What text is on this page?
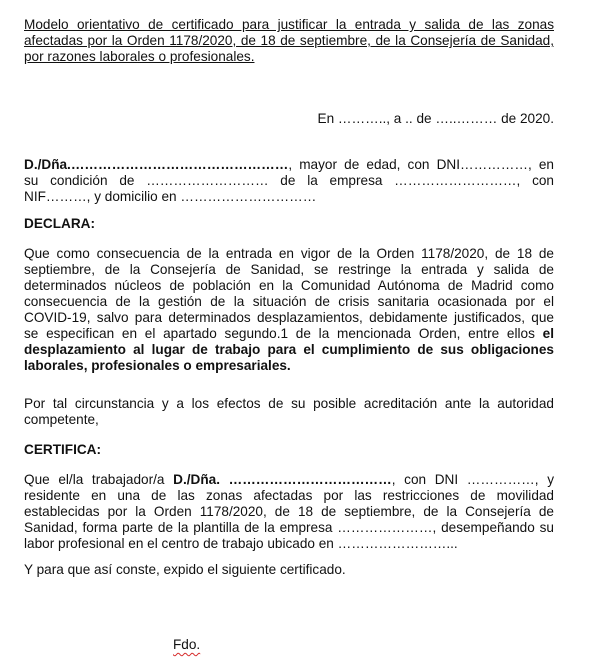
Modelo orientativo de certificado para justificar la entrada y salida de las zonas
afectadas por la Orden 1178/2020, de 18 de septiembre, de la Consejería de Sanidad,
por razones laborales o profesionales.
En ……….., a .. de …..……… de 2020.
D./Dña.…………………………………………, mayor de edad, con DNI……………, en
su condición de ……………………… de la empresa ………………………, con
NIF………, y domicilio en …………………………
DECLARA:
Que como consecuencia de la entrada en vigor de la Orden 1178/2020, de 18 de
septiembre, de la Consejería de Sanidad, se restringe la entrada y salida de
determinados núcleos de población en la Comunidad Autónoma de Madrid como
consecuencia de la gestión de la situación de crisis sanitaria ocasionada por el
COVID-19, salvo para determinados desplazamientos, debidamente justificados, que
se especifican en el apartado segundo.1 de la mencionada Orden, entre ellos el
desplazamiento al lugar de trabajo para el cumplimiento de sus obligaciones
laborales, profesionales o empresariales.
Por tal circunstancia y a los efectos de su posible acreditación ante la autoridad
competente,
CERTIFICA:
Que el/la trabajador/a D./Dña. ………………………………, con DNI ……………, y
residente en una de las zonas afectadas por las restricciones de movilidad
establecidas por la Orden 1178/2020, de 18 de septiembre, de la Consejería de
Sanidad, forma parte de la plantilla de la empresa …………………, desempeñando su
labor profesional en el centro de trabajo ubicado en ……………………...
Y para que así conste, expido el siguiente certificado.
Fdo.
